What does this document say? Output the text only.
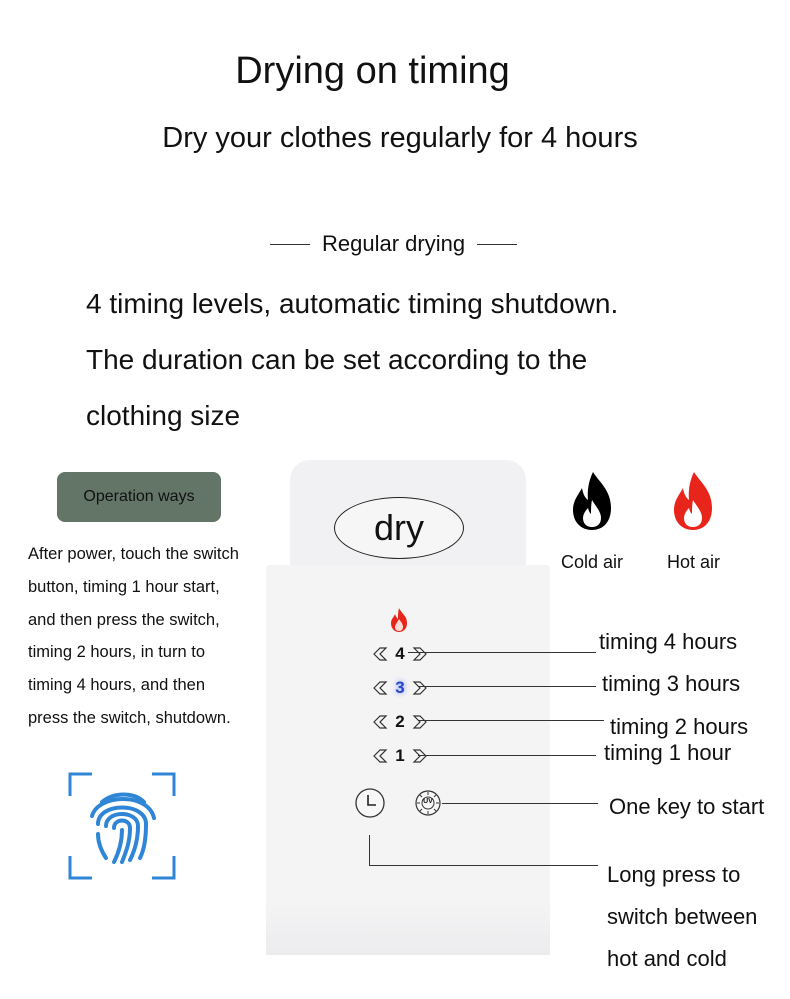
Drying on timing
Dry your clothes regularly for 4 hours
Regular drying
4 timing levels, automatic timing shutdown.
The duration can be set according to the
clothing size
Operation ways
After power, touch the switch
button, timing 1 hour start,
and then press the switch,
timing 2 hours, in turn to
timing 4 hours, and then
press the switch, shutdown.
dry
4
3
2
1
UV
Cold air Hot air
timing 4 hours
timing 3 hours
timing 2 hours
timing 1 hour
One key to start
Long press to
switch between
hot and cold
